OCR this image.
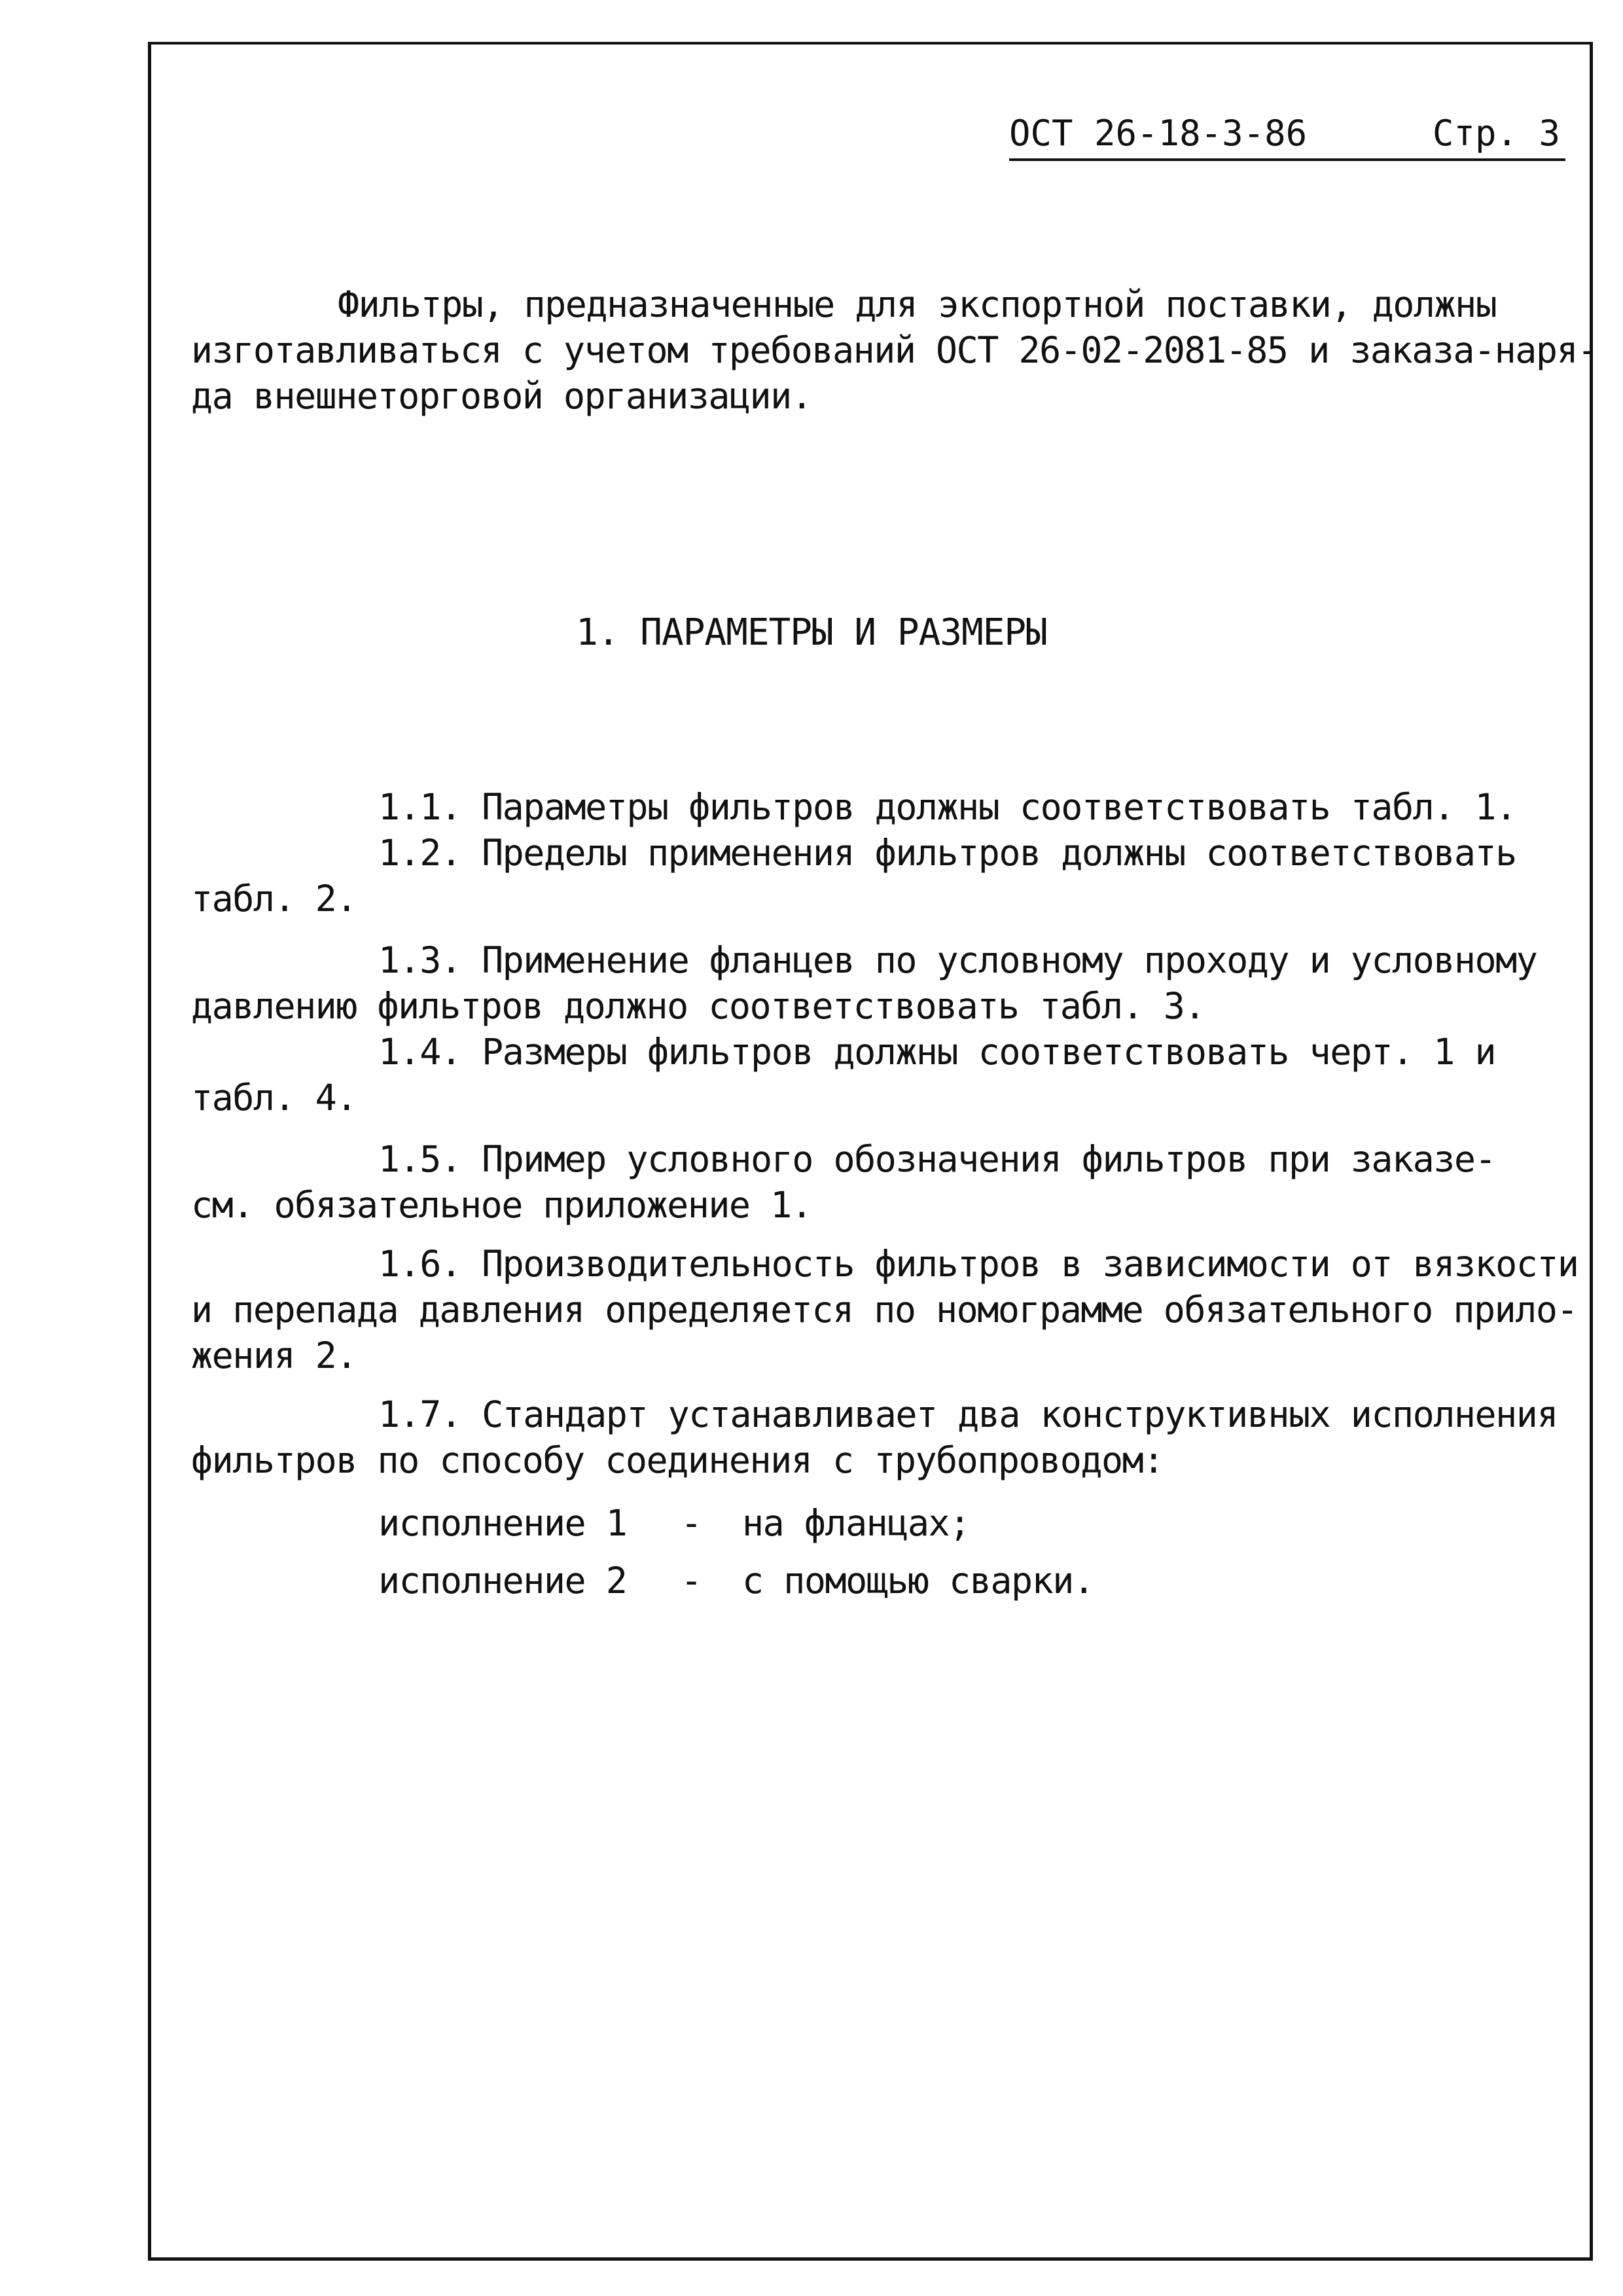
ОСТ 26-18-3-86	Стр. 3
Фильтры, предназначенные для экспортной поставки, должны
изготавливаться с учетом требований ОСТ 26-02-2081-85 и заказа-наря-
да внешнеторговой организации.
1. ПАРАМЕТРЫ И РАЗМЕРЫ
1.1. Параметры фильтров должны соответствовать табл. 1.
1.2. Пределы применения фильтров должны соответствовать
табл. 2.
1.3. Применение фланцев по условному проходу и условному
давлению фильтров должно соответствовать табл. 3.
1.4. Размеры фильтров должны соответствовать черт. 1 и
табл. 4.
1.5. Пример условного обозначения фильтров при заказе-
см. обязательное приложение 1.
1.6. Производительность фильтров в зависимости от вязкости
и перепада давления определяется по номограмме обязательного прило-
жения 2.
1.7. Стандарт устанавливает два конструктивных исполнения
фильтров по способу соединения с трубопроводом:
исполнение 1 - на фланцах;
исполнение 2 - с помощью сварки.
